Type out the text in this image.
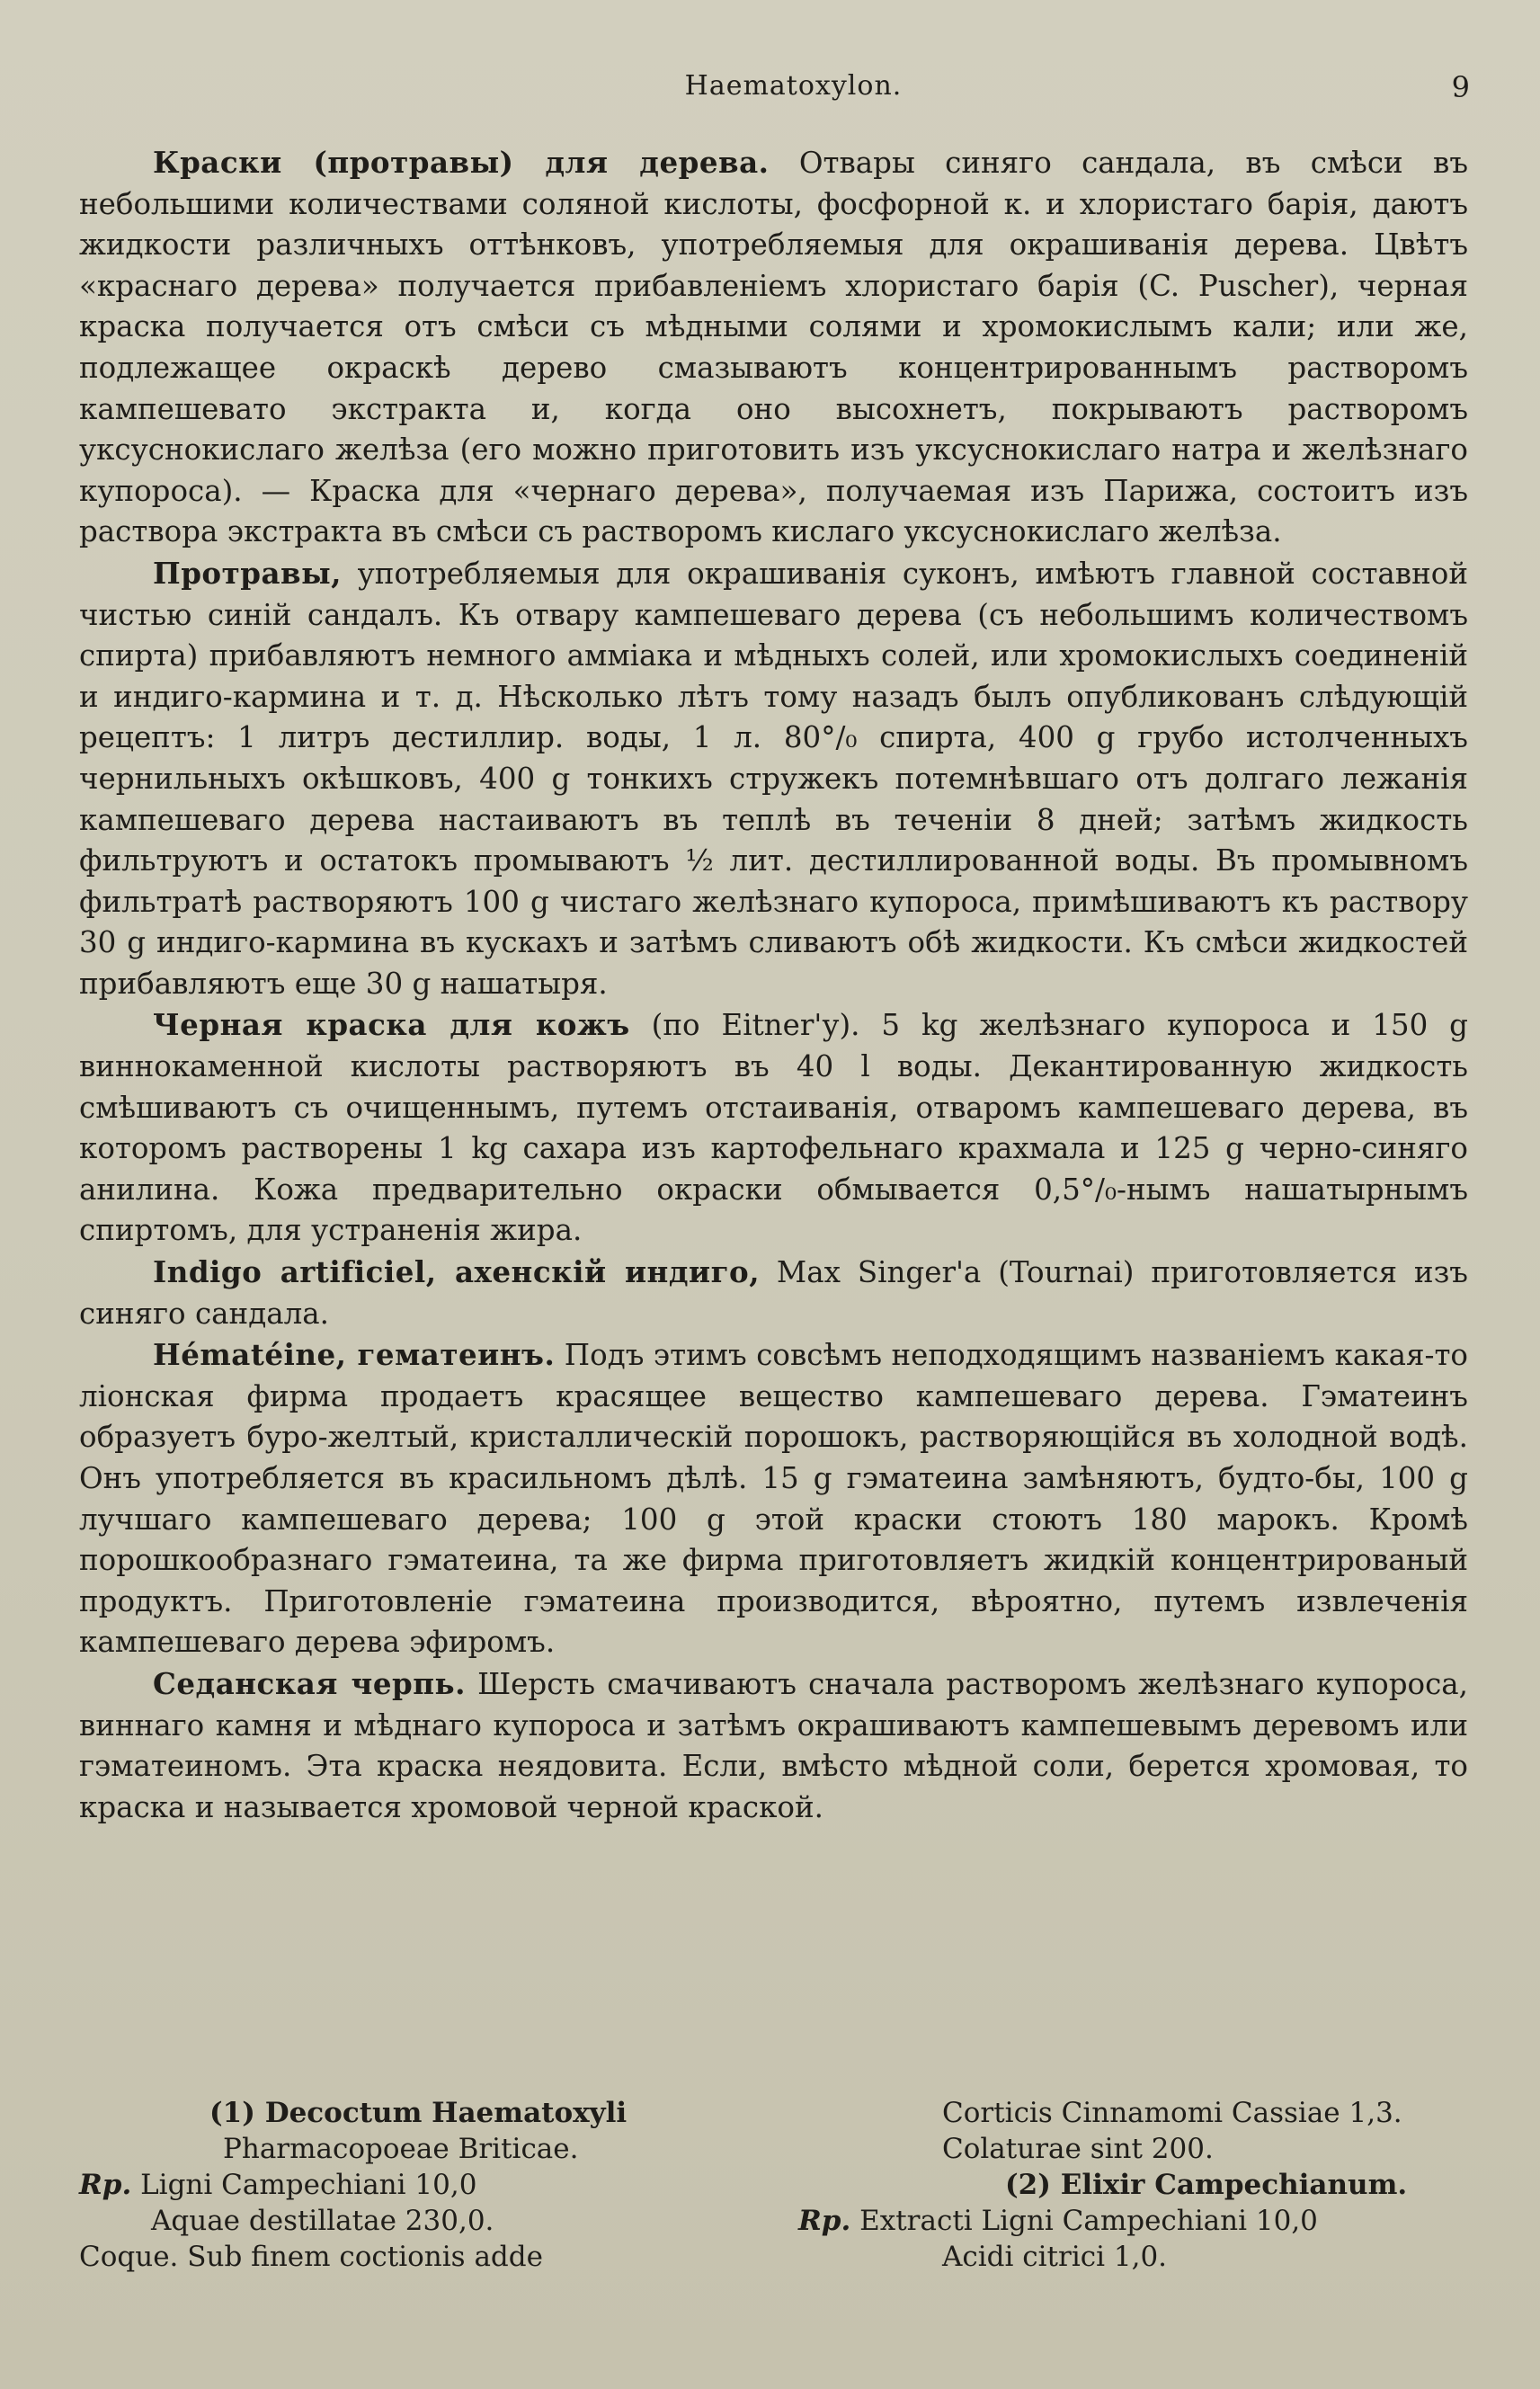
Haematoxylon.	9

Краски (протравы) для дерева. Отвары синяго сандала, въ смѣси въ небольшими количествами соляной кислоты, фосфорной к. и хлористаго барія, даютъ жидкости различныхъ оттѣнковъ, употребляемыя для окрашиванія дерева. Цвѣтъ «краснаго дерева» получается прибавленіемъ хлористаго барія (C. Puscher), черная краска получается отъ смѣси съ мѣдными солями и хромокислымъ кали; или же, подлежащее окраскѣ дерево смазываютъ концентрированнымъ растворомъ кампешевато экстракта и, когда оно высохнетъ, покрываютъ растворомъ уксуснокислаго желѣза (его можно приготовить изъ уксуснокислаго натра и желѣзнаго купороса). — Краска для «чернаго дерева», получаемая изъ Парижа, состоитъ изъ раствора экстракта въ смѣси съ растворомъ кислаго уксуснокислаго желѣза.

Протравы, употребляемыя для окрашиванія суконъ, имѣютъ главной составной чистью синій сандалъ. Къ отвару кампешеваго дерева (съ небольшимъ количествомъ спирта) прибавляютъ немного амміака и мѣдныхъ солей, или хромокислыхъ соединеній и индиго-кармина и т. д. Нѣсколько лѣтъ тому назадъ былъ опубликованъ слѣдующій рецептъ: 1 литръ дестиллир. воды, 1 л. 80°/₀ спирта, 400 g грубо истолченныхъ чернильныхъ окѣшковъ, 400 g тонкихъ стружекъ потемнѣвшаго отъ долгаго лежанія кампешеваго дерева настаиваютъ въ теплѣ въ теченіи 8 дней; затѣмъ жидкость фильтруютъ и остатокъ промываютъ ½ лит. дестиллированной воды. Въ промывномъ фильтратѣ растворяютъ 100 g чистаго желѣзнаго купороса, примѣшиваютъ къ раствору 30 g индиго-кармина въ кускахъ и затѣмъ сливаютъ обѣ жидкости. Къ смѣси жидкостей прибавляютъ еще 30 g нашатыря.

Черная краска для кожъ (по Eitner'у). 5 kg желѣзнаго купороса и 150 g виннокаменной кислоты растворяютъ въ 40 l воды. Декантированную жидкость смѣшиваютъ съ очищеннымъ, путемъ отстаиванія, отваромъ кампешеваго дерева, въ которомъ растворены 1 kg сахара изъ картофельнаго крахмала и 125 g черно-синяго анилина. Кожа предварительно окраски обмывается 0,5°/₀-нымъ нашатырнымъ спиртомъ, для устраненія жира.

Indigo artificiel, ахенскій индиго, Max Singer'a (Tournai) приготовляется изъ синяго сандала.

Hématéine, гематеинъ. Подъ этимъ совсѣмъ неподходящимъ названіемъ какая-то ліонская фирма продаетъ красящее вещество кампешеваго дерева. Гэматеинъ образуетъ буро-желтый, кристаллическій порошокъ, растворяющійся въ холодной водѣ. Онъ употребляется въ красильномъ дѣлѣ. 15 g гэматеина замѣняютъ, будто-бы, 100 g лучшаго кампешеваго дерева; 100 g этой краски стоютъ 180 марокъ. Кромѣ порошкообразнаго гэматеина, та же фирма приготовляетъ жидкій концентрированый продуктъ. Приготовленіе гэматеина производится, вѣроятно, путемъ извлеченія кампешеваго дерева эфиромъ.

Седанская черпь. Шерсть смачиваютъ сначала растворомъ желѣзнаго купороса, виннаго камня и мѣднаго купороса и затѣмъ окрашиваютъ кампешевымъ деревомъ или гэматеиномъ. Эта краска неядовита. Если, вмѣсто мѣдной соли, берется хромовая, то краска и называется хромовой черной краской.

(1) Decoctum Haematoxyli
Pharmacopoeae Briticae.
Rp. Ligni Campechiani 10,0
Aquae destillatae 230,0.
Coque. Sub finem coctionis adde
Corticis Cinnamomi Cassiae 1,3.
Colaturae sint 200.
(2) Elixir Campechianum.
Rp. Extracti Ligni Campechiani 10,0
Acidi citrici 1,0.
